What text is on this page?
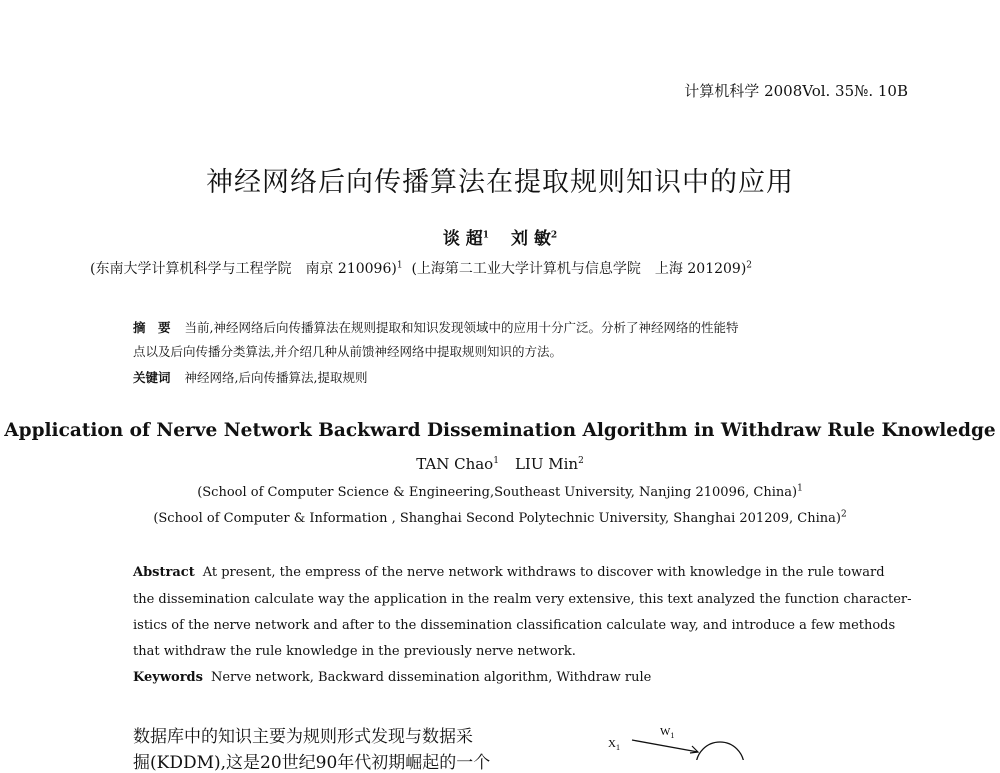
计算机科学 2008Vol. 35№. 10B
神经网络后向传播算法在提取规则知识中的应用
谈 超$^1$ 刘 敏$^2$
(东南大学计算机科学与工程学院　南京 210096)$^1$ (上海第二工业大学计算机与信息学院　上海 201209)$^2$
摘　要 当前,神经网络后向传播算法在规则提取和知识发现领域中的应用十分广泛。分析了神经网络的性能特
点以及后向传播分类算法,并介绍几种从前馈神经网络中提取规则知识的方法。
关键词 神经网络,后向传播算法,提取规则
Application of Nerve Network Backward Dissemination Algorithm in Withdraw Rule Knowledge
TAN Chao$^1$ LIU Min$^2$
(School of Computer Science & Engineering,Southeast University, Nanjing 210096, China)$^1$
(School of Computer & Information , Shanghai Second Polytechnic University, Shanghai 201209, China)$^2$
Abstract At present, the empress of the nerve network withdraws to discover with knowledge in the rule toward
the dissemination calculate way the application in the realm very extensive, this text analyzed the function character-
istics of the nerve network and after to the dissemination classification calculate way, and introduce a few methods
that withdraw the rule knowledge in the previously nerve network.
Keywords Nerve network, Backward dissemination algorithm, Withdraw rule
数据库中的知识主要为规则形式发现与数据采
掘(KDDM),这是20世纪90年代初期崛起的一个
$X_1$
$W_1$
